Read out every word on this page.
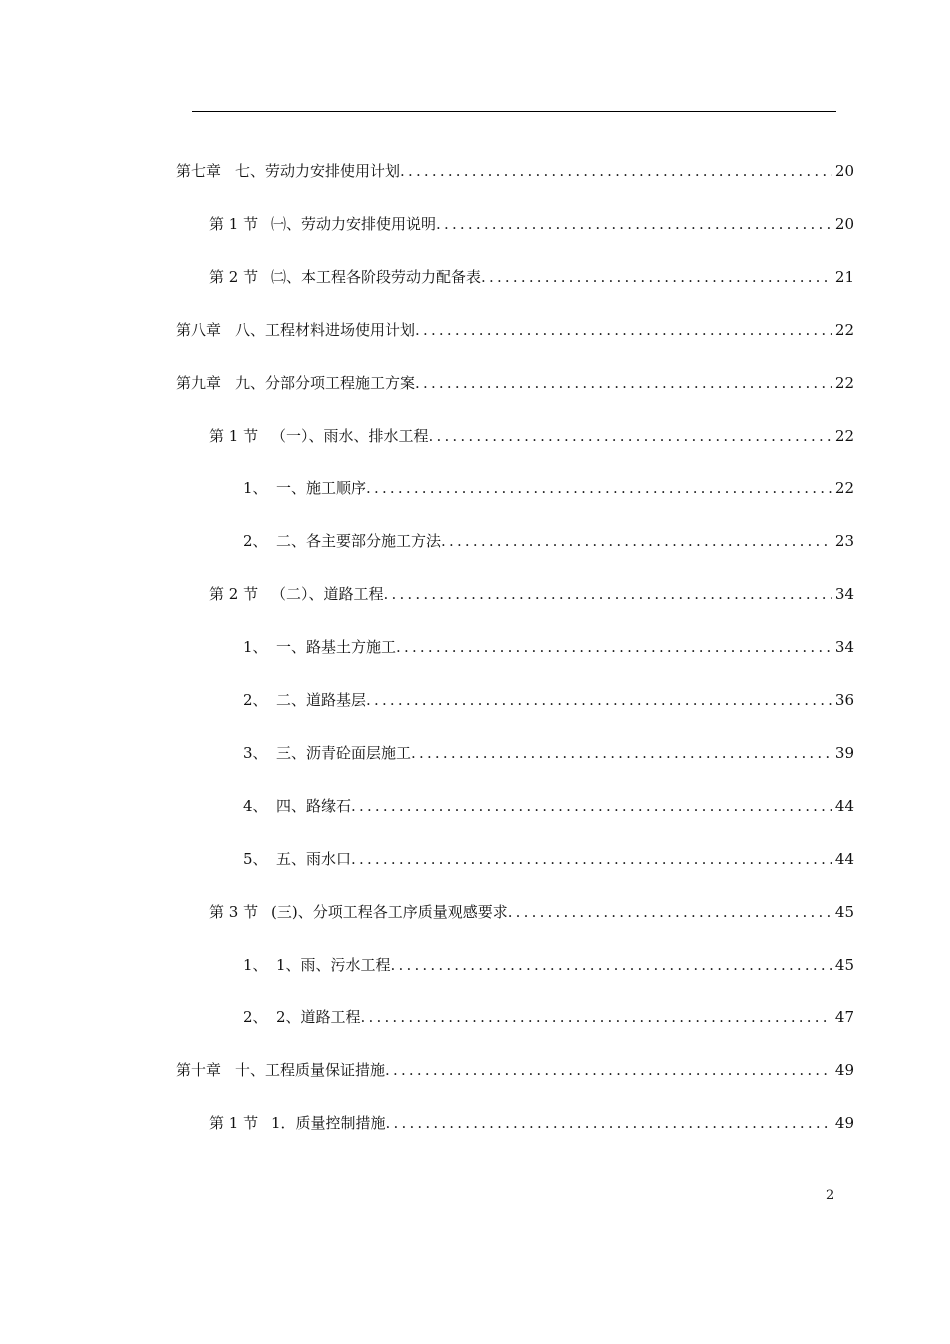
第七章 七、劳动力安排使用计划 .....	20
第 1 节 ㈠、劳动力安排使用说明 .....	20
第 2 节 ㈡、本工程各阶段劳动力配备表 .....	21
第八章 八、工程材料进场使用计划 .....	22
第九章 九、分部分项工程施工方案 .....	22
第 1 节 （一）、雨水、排水工程 .....	22
1、 一、施工顺序 .....	22
2、 二、各主要部分施工方法 .....	23
第 2 节 （二）、道路工程 .....	34
1、 一、路基土方施工 .....	34
2、 二、道路基层 .....	36
3、 三、沥青砼面层施工 .....	39
4、 四、路缘石 .....	44
5、 五、雨水口 .....	44
第 3 节 (三)、分项工程各工序质量观感要求 .....	45
1、 1、雨、污水工程 .....	45
2、 2、道路工程 .....	47
第十章 十、工程质量保证措施 .....	49
第 1 节 1．质量控制措施 .....	49
2
